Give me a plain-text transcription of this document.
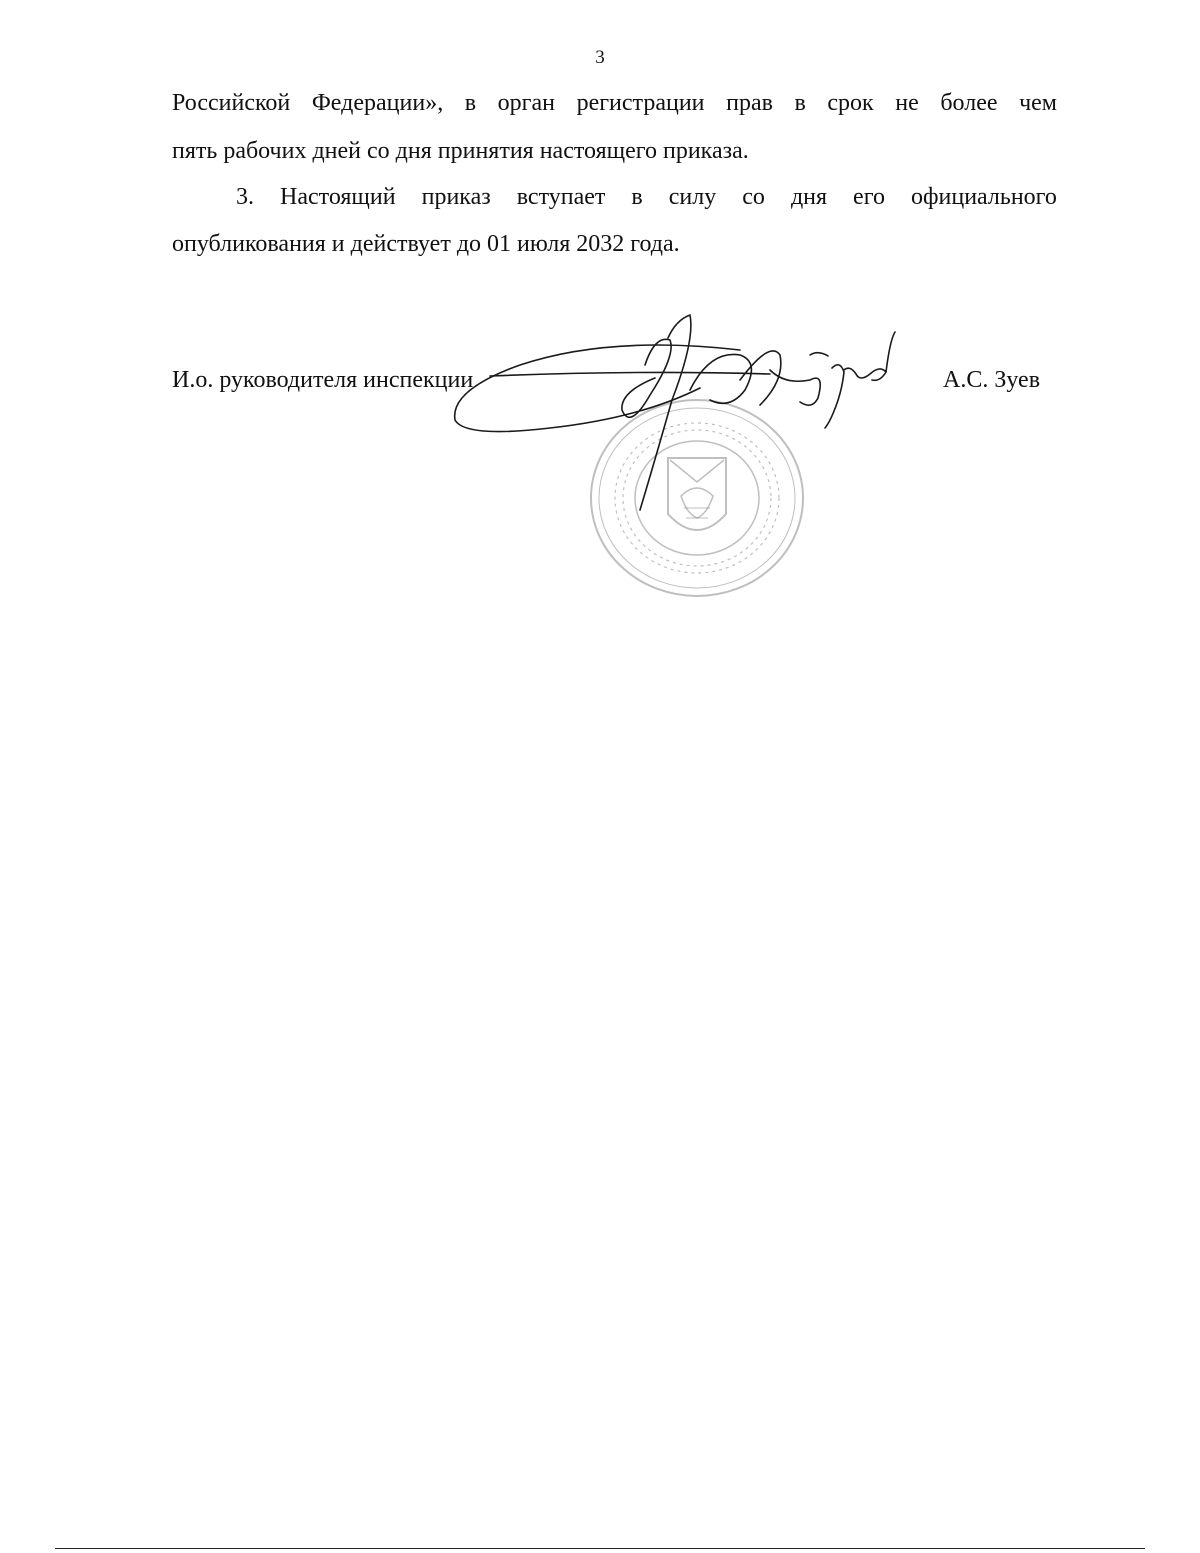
3
Российской Федерации», в орган регистрации прав в срок не более чем
пять рабочих дней со дня принятия настоящего приказа.
3. Настоящий приказ вступает в силу со дня его официального
опубликования и действует до 01 июля 2032 года.
И.о. руководителя инспекции	А.С. Зуев
